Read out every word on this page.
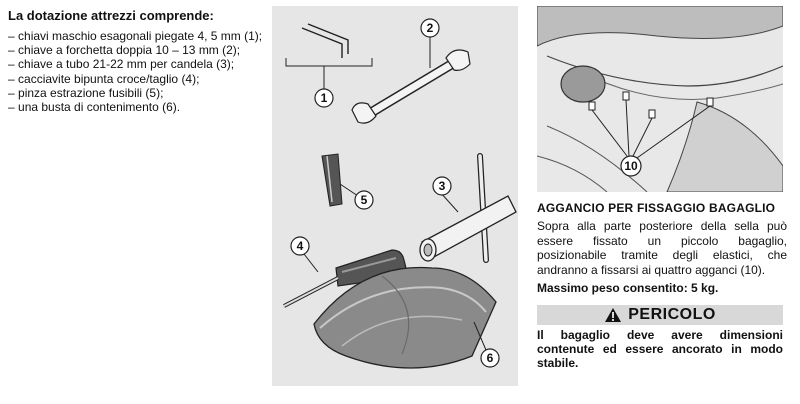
La dotazione attrezzi comprende:

– chiavi maschio esagonali piegate 4, 5 mm (1);
– chiave a forchetta doppia 10 – 13 mm (2);
– chiave a tubo 21-22 mm per candela (3);
– cacciavite bipunta croce/taglio (4);
– pinza estrazione fusibili (5);
– una busta di contenimento (6).
1
2
5
3
4
6
10

AGGANCIO PER FISSAGGIO BAGAGLIO

Sopra alla parte posteriore della sella può essere fissato un piccolo bagaglio, posizionabile tramite degli elastici, che andranno a fissarsi ai quattro agganci (10).

Massimo peso consentito: 5 kg.

PERICOLO

Il bagaglio deve avere dimensioni contenute ed essere ancorato in modo stabile.
